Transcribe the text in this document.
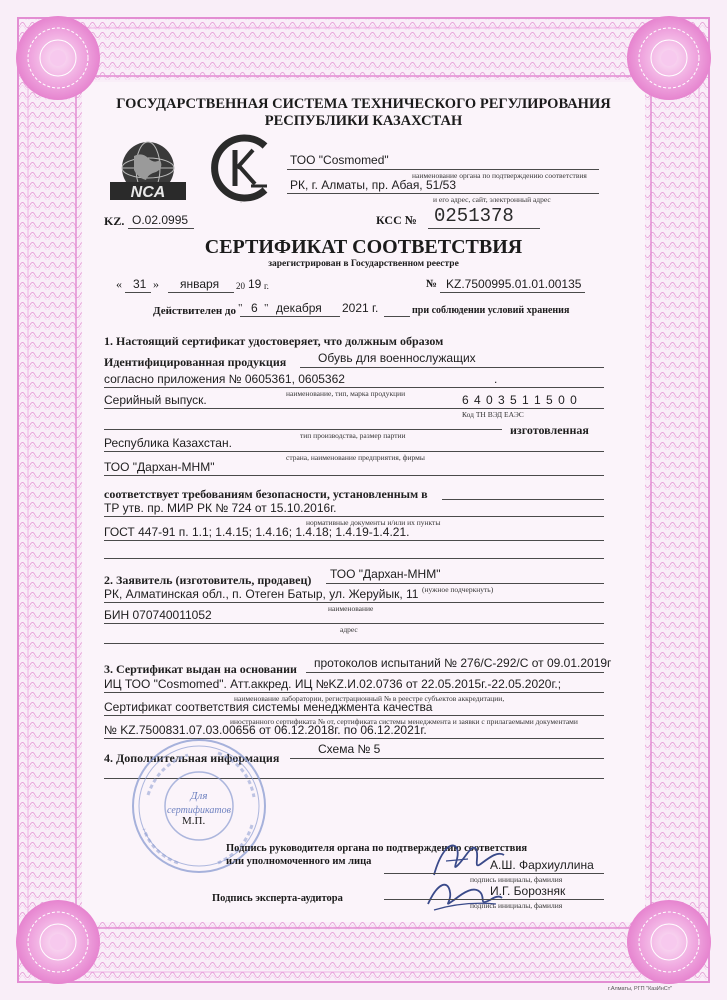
ГОСУДАРСТВЕННАЯ СИСТЕМА ТЕХНИЧЕСКОГО РЕГУЛИРОВАНИЯ
РЕСПУБЛИКИ КАЗАХСТАН
NCA
KZ
ТОО "Cosmomed"
наименование органа по подтверждению соответствия
РК, г. Алматы, пр. Абая, 51/53
и его адрес, сайт, электронный адрес
KZ. О.02.0995	КСС № 0251378
СЕРТИФИКАТ СООТВЕТСТВИЯ
зарегистрирован в Государственном реестре
« 31 » января 20 19 г.	№ KZ.7500995.01.01.00135
Действителен до " 6 " декабря 2021 г.	при соблюдении условий хранения
1. Настоящий сертификат удостоверяет, что должным образом
Идентифицированная продукция	Обувь для военнослужащих
согласно приложения № 0605361, 0605362	.
наименование, тип, марка продукции
Серийный выпуск.	6 4 0 3 5 1 1 5 0 0
Код ТН ВЭД ЕАЭС
тип производства, размер партии	изготовленная
Республика Казахстан.
страна, наименование предприятия, фирмы
ТОО "Дархан-МНМ"
соответствует требованиям безопасности, установленным в
ТР утв. пр. МИР РК № 724 от 15.10.2016г.
нормативные документы и/или их пункты
ГОСТ 447-91 п. 1.1; 1.4.15; 1.4.16; 1.4.18; 1.4.19-1.4.21.
2. Заявитель (изготовитель, продавец) ТОО "Дархан-МНМ"
(нужное подчеркнуть)
РК, Алматинская обл., п. Отеген Батыр, ул. Жеруйык, 11
наименование
БИН 070740011052
адрес
3. Сертификат выдан на основании протоколов испытаний № 276/С-292/С от 09.01.2019г
ИЦ ТОО "Cosmomed". Атт.аккред. ИЦ №KZ.И.02.0736 от 22.05.2015г.-22.05.2020г.;
наименование лаборатории, регистрационный № в реестре субъектов аккредитации,
Сертификат соответствия системы менеджмента качества
иностранного сертификата № от, сертификата системы менеджмента и заявки с прилагаемыми документами
№ KZ.7500831.07.03.00656 от 06.12.2018г. по 06.12.2021г.
4. Дополнительная информация
Схема № 5
Для
сертификатов
М.П.
Подпись руководителя органа по подтверждению соответствия
или уполномоченного им лица	А.Ш. Фархиуллина
подпись инициалы, фамилия
Подпись эксперта-аудитора
И.Г. Борозняк
подпись инициалы, фамилия
г.Алматы, РГП "КазИнСт"
